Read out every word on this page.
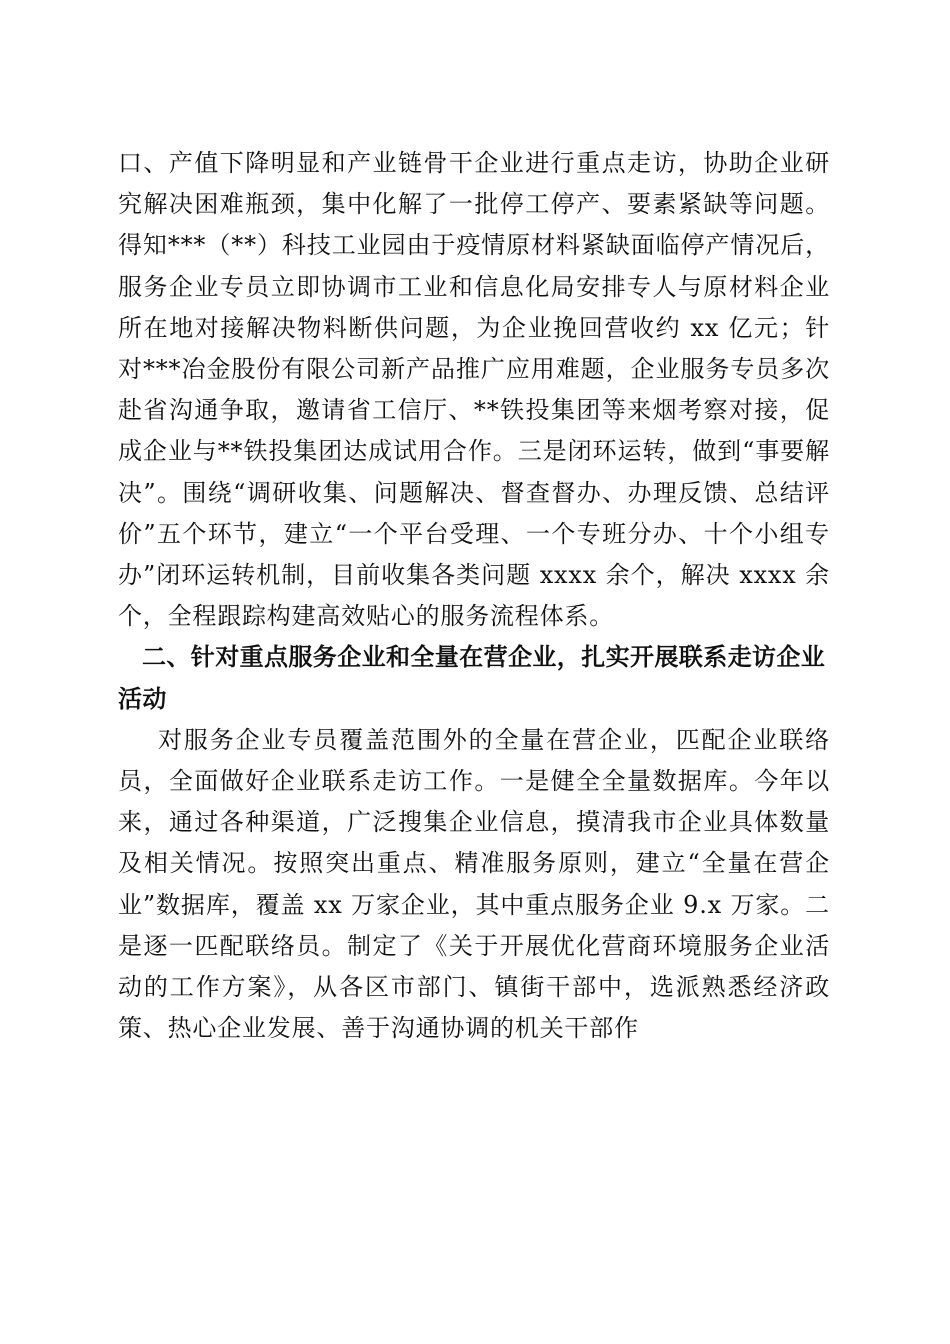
口、产值下降明显和产业链骨干企业进行重点走访，协助企业研究解决困难瓶颈，集中化解了一批停工停产、要素紧缺等问题。得知***（**）科技工业园由于疫情原材料紧缺面临停产情况后，服务企业专员立即协调市工业和信息化局安排专人与原材料企业所在地对接解决物料断供问题，为企业挽回营收约 xx 亿元；针对***冶金股份有限公司新产品推广应用难题，企业服务专员多次赴省沟通争取，邀请省工信厅、**铁投集团等来烟考察对接，促成企业与**铁投集团达成试用合作。三是闭环运转，做到“事要解决”。围绕“调研收集、问题解决、督查督办、办理反馈、总结评价”五个环节，建立“一个平台受理、一个专班分办、十个小组专办”闭环运转机制，目前收集各类问题 xxxx 余个，解决 xxxx 余个，全程跟踪构建高效贴心的服务流程体系。

二、针对重点服务企业和全量在营企业，扎实开展联系走访企业活动

对服务企业专员覆盖范围外的全量在营企业，匹配企业联络员，全面做好企业联系走访工作。一是健全全量数据库。今年以来，通过各种渠道，广泛搜集企业信息，摸清我市企业具体数量及相关情况。按照突出重点、精准服务原则，建立“全量在营企业”数据库，覆盖 xx 万家企业，其中重点服务企业 9.x 万家。二是逐一匹配联络员。制定了《关于开展优化营商环境服务企业活动的工作方案》，从各区市部门、镇街干部中，选派熟悉经济政策、热心企业发展、善于沟通协调的机关干部作
